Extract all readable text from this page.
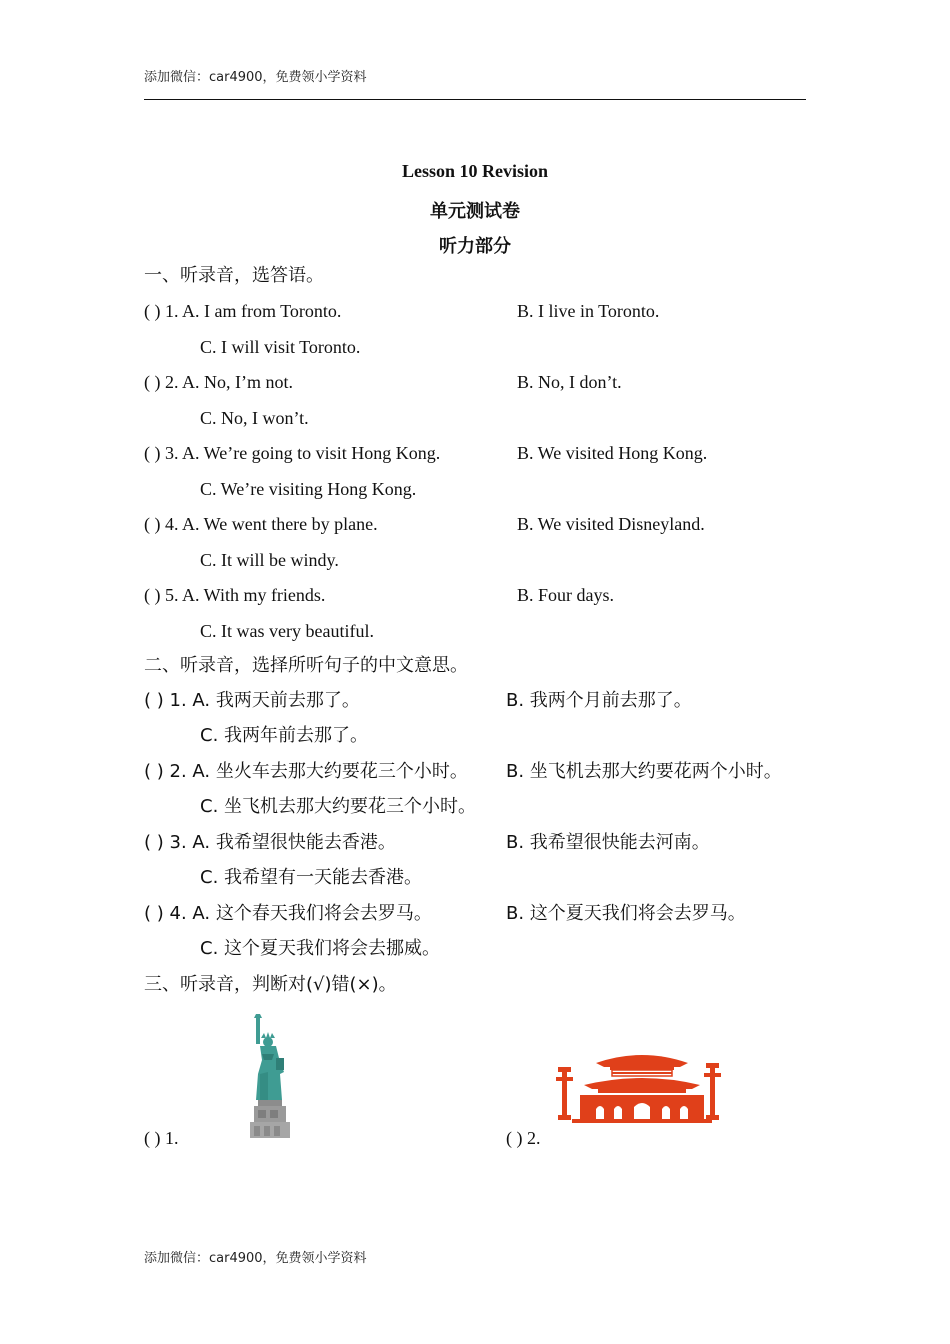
添加微信：car4900，免费领小学资料
Lesson 10 Revision
单元测试卷
听力部分
一、听录音，选答语。
( ) 1. A. I am from Toronto.	B. I live in Toronto.
C. I will visit Toronto.
( ) 2. A. No, I’m not.	B. No, I don’t.
C. No, I won’t.
( ) 3. A. We’re going to visit Hong Kong.	B. We visited Hong Kong.
C. We’re visiting Hong Kong.
( ) 4. A. We went there by plane.	B. We visited Disneyland.
C. It will be windy.
( ) 5. A. With my friends.	B. Four days.
C. It was very beautiful.
二、听录音，选择所听句子的中文意思。
( ) 1. A. 我两天前去那了。	B. 我两个月前去那了。
C. 我两年前去那了。
( ) 2. A. 坐火车去那大约要花三个小时。 B. 坐飞机去那大约要花两个小时。
C. 坐飞机去那大约要花三个小时。
( ) 3. A. 我希望很快能去香港。	B. 我希望很快能去河南。
C. 我希望有一天能去香港。
( ) 4. A. 这个春天我们将会去罗马。	B. 这个夏天我们将会去罗马。
C. 这个夏天我们将会去挪威。
三、听录音，判断对(√)错(×)。
( ) 1.	( ) 2.
添加微信：car4900，免费领小学资料
